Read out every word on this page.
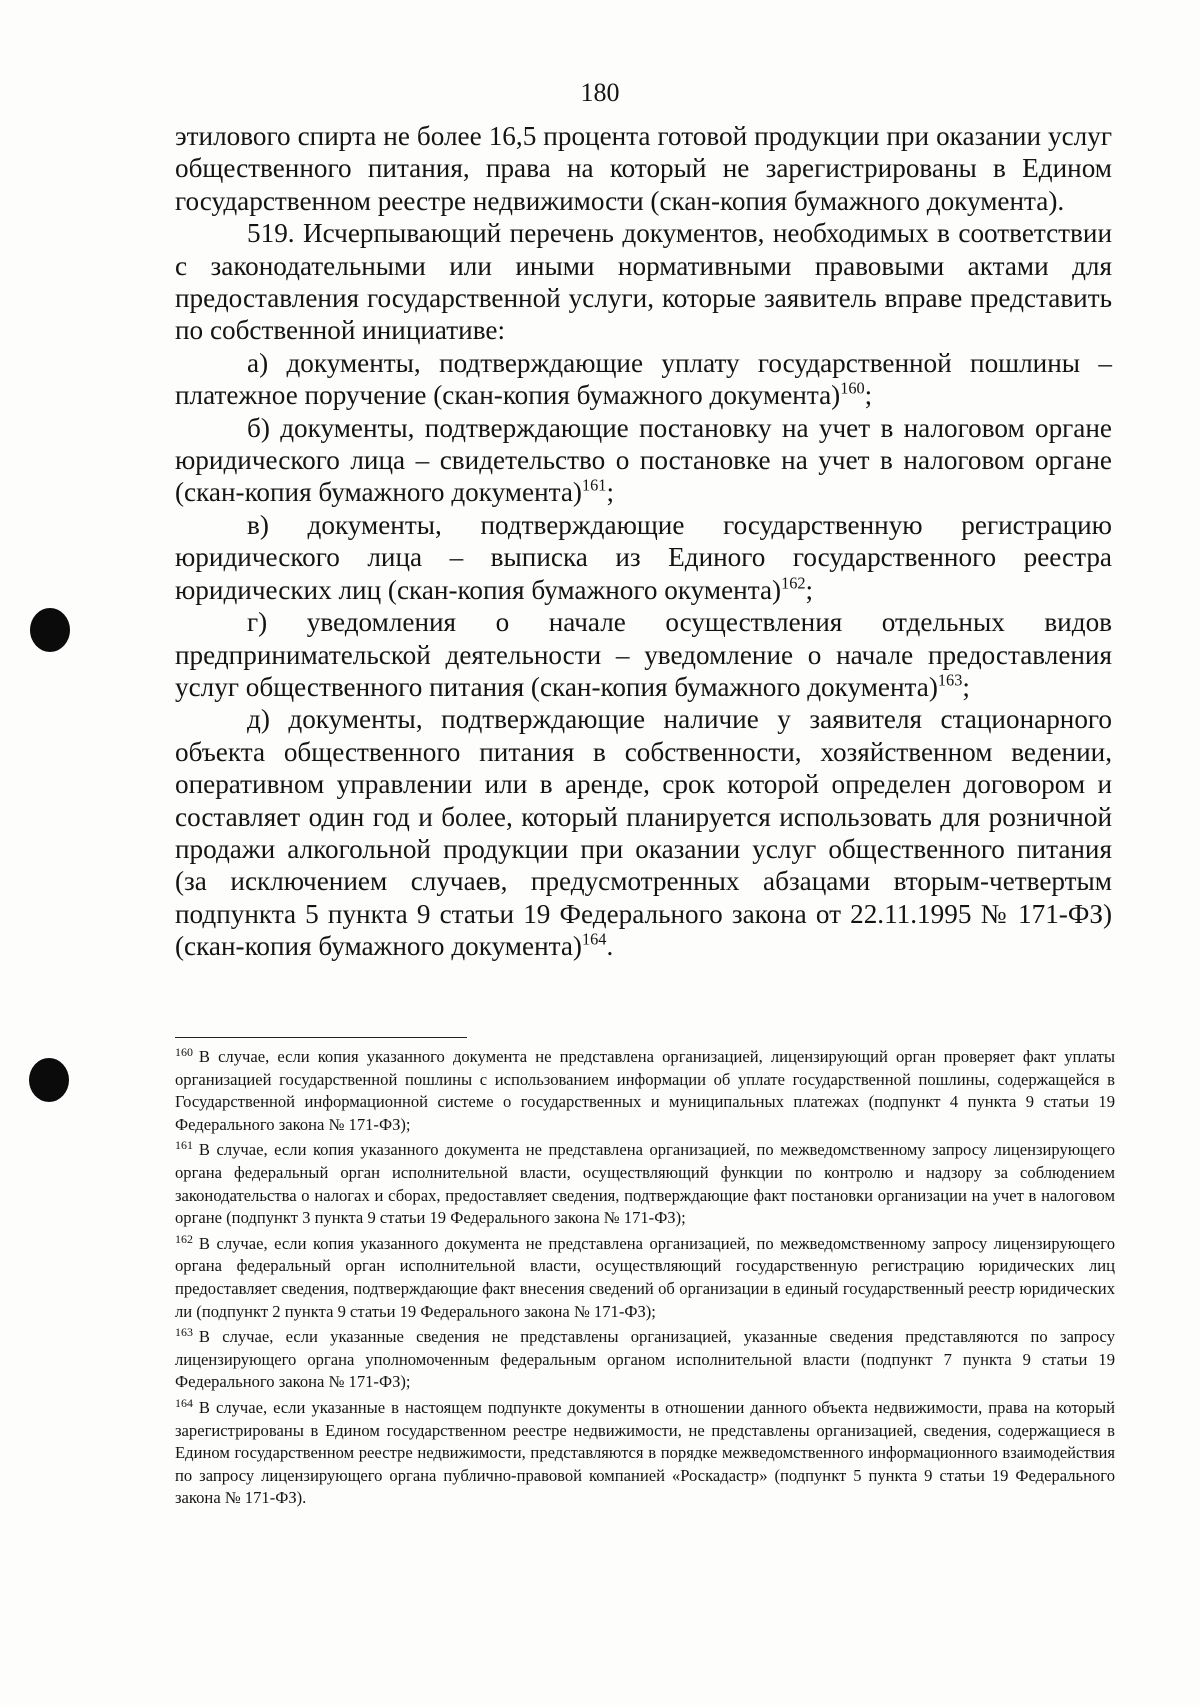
180

этилового спирта не более 16,5 процента готовой продукции при оказании услуг общественного питания, права на который не зарегистрированы в Едином государственном реестре недвижимости (скан-копия бумажного документа).

519. Исчерпывающий перечень документов, необходимых в соответствии с законодательными или иными нормативными правовыми актами для предоставления государственной услуги, которые заявитель вправе представить по собственной инициативе:

а) документы, подтверждающие уплату государственной пошлины – платежное поручение (скан-копия бумажного документа)$^{160}$;

б) документы, подтверждающие постановку на учет в налоговом органе юридического лица – свидетельство о постановке на учет в налоговом органе (скан-копия бумажного документа)$^{161}$;

в) документы, подтверждающие государственную регистрацию юридического лица – выписка из Единого государственного реестра юридических лиц (скан-копия бумажного окумента)$^{162}$;

г) уведомления о начале осуществления отдельных видов предпринимательской деятельности – уведомление о начале предоставления услуг общественного питания (скан-копия бумажного документа)$^{163}$;

д) документы, подтверждающие наличие у заявителя стационарного объекта общественного питания в собственности, хозяйственном ведении, оперативном управлении или в аренде, срок которой определен договором и составляет один год и более, который планируется использовать для розничной продажи алкогольной продукции при оказании услуг общественного питания (за исключением случаев, предусмотренных абзацами вторым-четвертым подпункта 5 пункта 9 статьи 19 Федерального закона от 22.11.1995 № 171-ФЗ) (скан-копия бумажного документа)$^{164}$.

$^{160}$ В случае, если копия указанного документа не представлена организацией, лицензирующий орган проверяет факт уплаты организацией государственной пошлины с использованием информации об уплате государственной пошлины, содержащейся в Государственной информационной системе о государственных и муниципальных платежах (подпункт 4 пункта 9 статьи 19 Федерального закона № 171-ФЗ);

$^{161}$ В случае, если копия указанного документа не представлена организацией, по межведомственному запросу лицензирующего органа федеральный орган исполнительной власти, осуществляющий функции по контролю и надзору за соблюдением законодательства о налогах и сборах, предоставляет сведения, подтверждающие факт постановки организации на учет в налоговом органе (подпункт 3 пункта 9 статьи 19 Федерального закона № 171-ФЗ);

$^{162}$ В случае, если копия указанного документа не представлена организацией, по межведомственному запросу лицензирующего органа федеральный орган исполнительной власти, осуществляющий государственную регистрацию юридических лиц предоставляет сведения, подтверждающие факт внесения сведений об организации в единый государственный реестр юридических ли (подпункт 2 пункта 9 статьи 19 Федерального закона № 171-ФЗ);

$^{163}$ В случае, если указанные сведения не представлены организацией, указанные сведения представляются по запросу лицензирующего органа уполномоченным федеральным органом исполнительной власти (подпункт 7 пункта 9 статьи 19 Федерального закона № 171-ФЗ);

$^{164}$ В случае, если указанные в настоящем подпункте документы в отношении данного объекта недвижимости, права на который зарегистрированы в Едином государственном реестре недвижимости, не представлены организацией, сведения, содержащиеся в Едином государственном реестре недвижимости, представляются в порядке межведомственного информационного взаимодействия по запросу лицензирующего органа публично-правовой компанией «Роскадастр» (подпункт 5 пункта 9 статьи 19 Федерального закона № 171-ФЗ).
